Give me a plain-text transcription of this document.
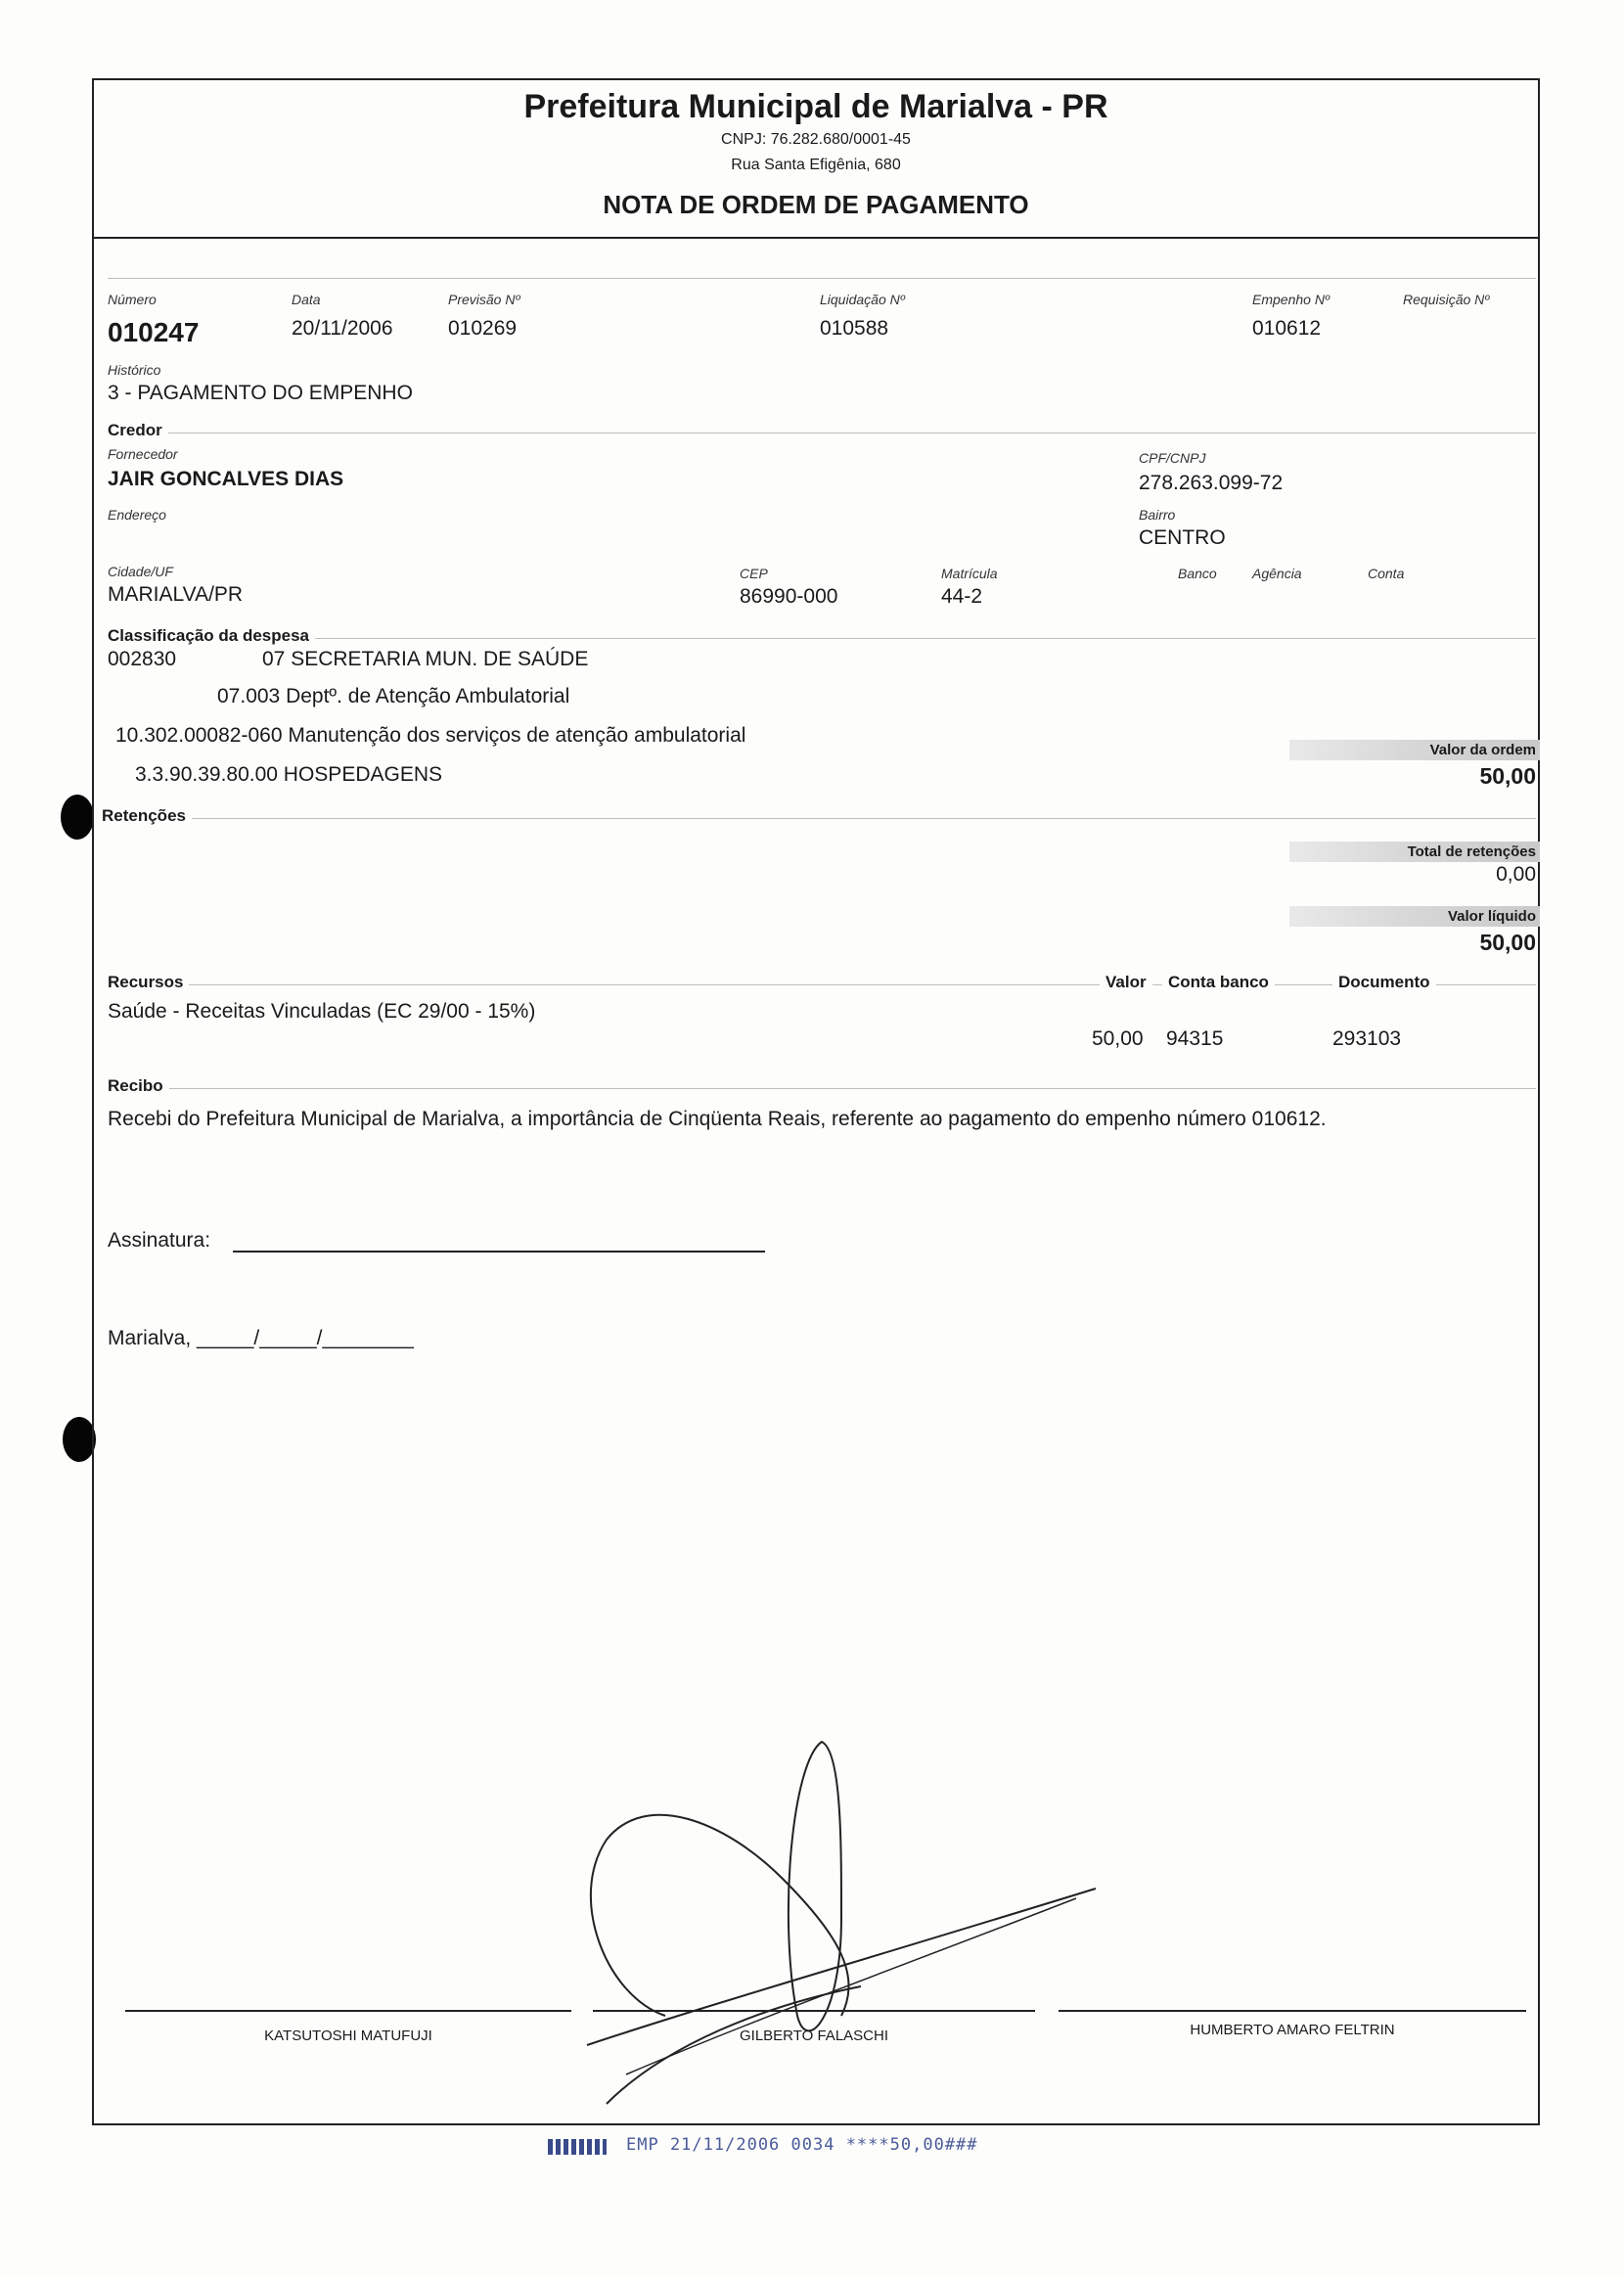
Prefeitura Municipal de Marialva - PR
CNPJ: 76.282.680/0001-45
Rua Santa Efigênia, 680
NOTA DE ORDEM DE PAGAMENTO
Número
010247
Data
20/11/2006
Previsão Nº
010269
Liquidação Nº
010588
Empenho Nº
010612
Requisição Nº
Histórico
3 - PAGAMENTO DO EMPENHO
Credor
Fornecedor
JAIR GONCALVES DIAS
CPF/CNPJ
278.263.099-72
Endereço	Bairro
CENTRO
Cidade/UF
MARIALVA/PR
CEP
86990-000
Matrícula
44-2
Banco	Agência	Conta
Classificação da despesa
002830	07 SECRETARIA MUN. DE SAÚDE
07.003 Deptº. de Atenção Ambulatorial
10.302.00082-060 Manutenção dos serviços de atenção ambulatorial
3.3.90.39.80.00 HOSPEDAGENS
Valor da ordem
50,00
Retenções
Total de retenções
0,00
Valor líquido
50,00
Recursos	Valor	Conta banco	Documento
Saúde - Receitas Vinculadas (EC 29/00 - 15%)
50,00 94315	293103
Recibo
Recebi do Prefeitura Municipal de Marialva, a importância de Cinqüenta Reais, referente ao pagamento do empenho número 010612.
Assinatura:
Marialva, _____/_____/________
KATSUTOSHI MATUFUJI	GILBERTO FALASCHI	HUMBERTO AMARO FELTRIN
EMP 21/11/2006 0034 ****50,00###
